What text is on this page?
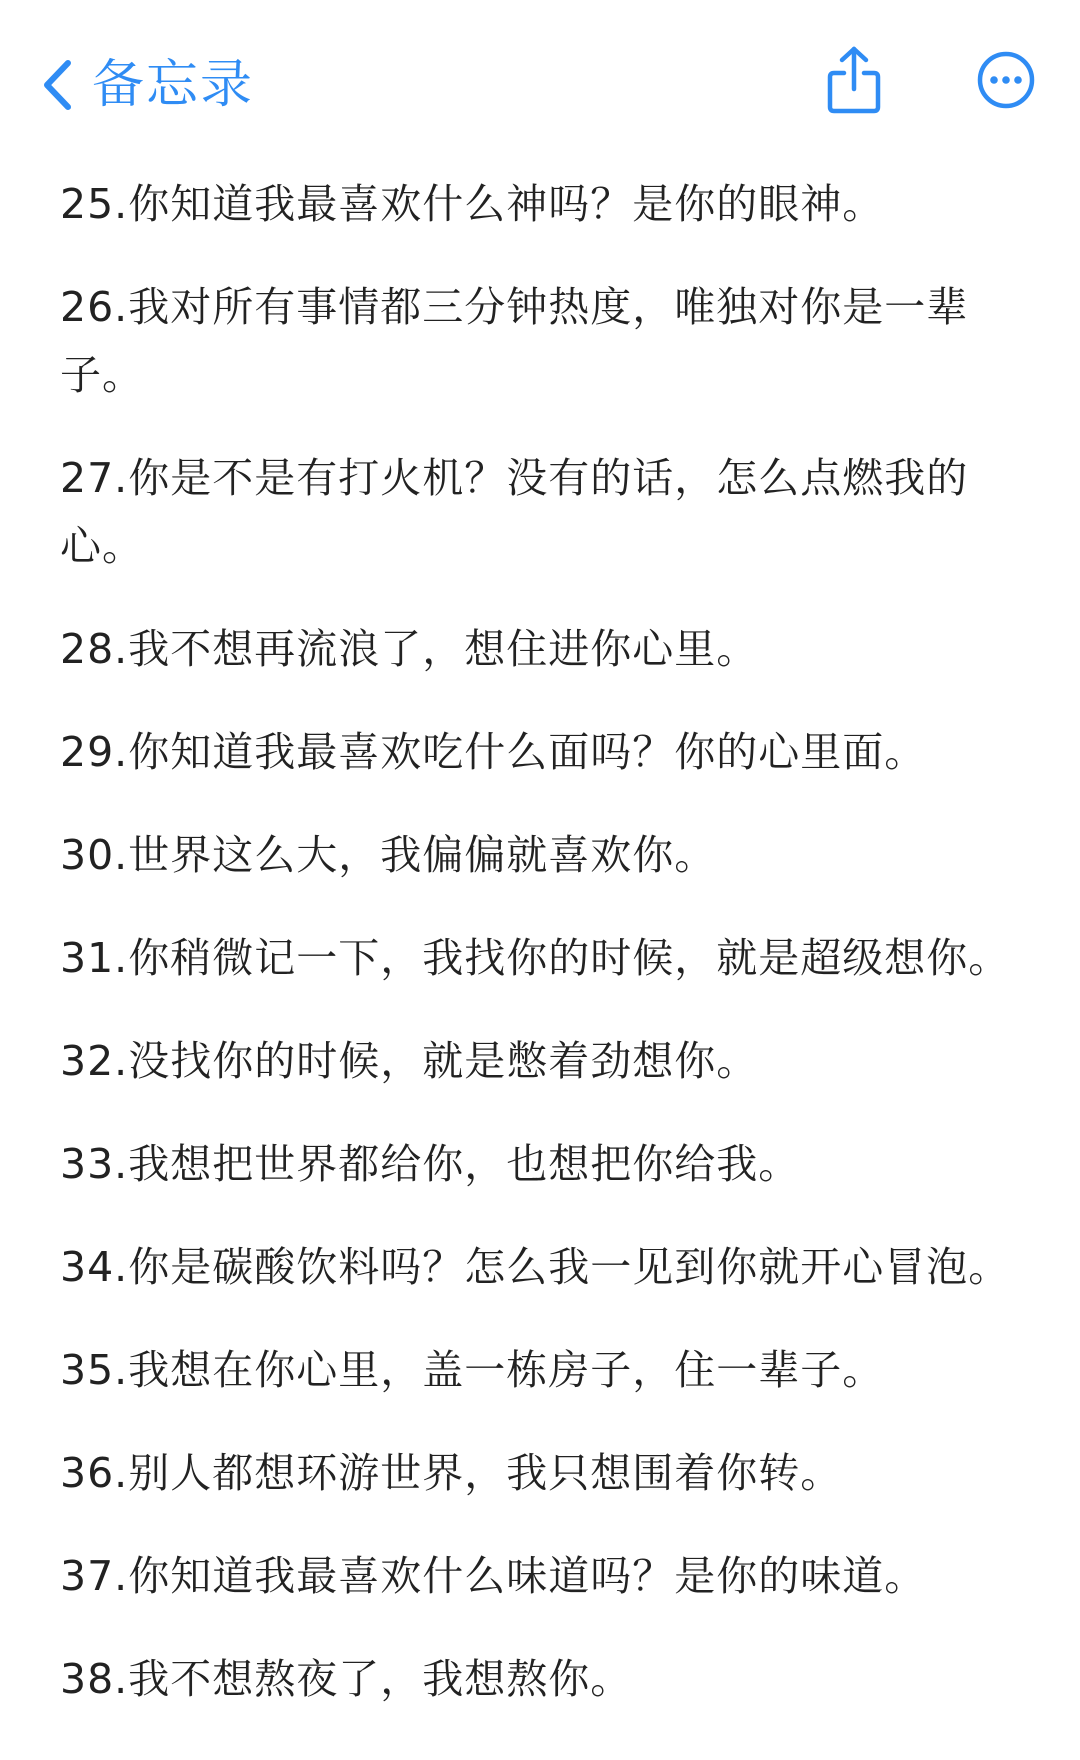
备忘录

25.你知道我最喜欢什么神吗？是你的眼神。

26.我对所有事情都三分钟热度，唯独对你是一辈子。

27.你是不是有打火机？没有的话，怎么点燃我的心。

28.我不想再流浪了，想住进你心里。

29.你知道我最喜欢吃什么面吗？你的心里面。

30.世界这么大，我偏偏就喜欢你。

31.你稍微记一下，我找你的时候，就是超级想你。

32.没找你的时候，就是憋着劲想你。

33.我想把世界都给你，也想把你给我。

34.你是碳酸饮料吗？怎么我一见到你就开心冒泡。

35.我想在你心里，盖一栋房子，住一辈子。

36.别人都想环游世界，我只想围着你转。

37.你知道我最喜欢什么味道吗？是你的味道。

38.我不想熬夜了，我想熬你。
